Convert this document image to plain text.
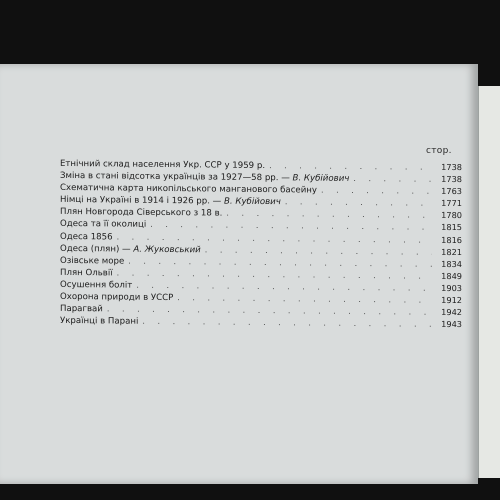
стор.
Етнічний склад населення Укр. ССР у 1959 р. . . .	1738
Зміна в стані відсотка українців за 1927—58 рр. — В. Кубійович . . .	1738
Схематична карта никопільського манганового басейну . . .	1763
Німці на Україні в 1914 і 1926 рр. — В. Кубійович . . .	1771
Плян Новгорода Сіверського з 18 в. . . .	1780
Одеса та її околиці . . .	1815
Одеса 1856 . . .	1816
Одеса (плян) — А. Жуковський . . .	1821
Озівське море . . .	1834
Плян Ольвії . . .	1849
Осушення боліт . . .	1903
Охорона природи в УССР . . .	1912
Парагвай . . .	1942
Українці в Парані . . .	1943
